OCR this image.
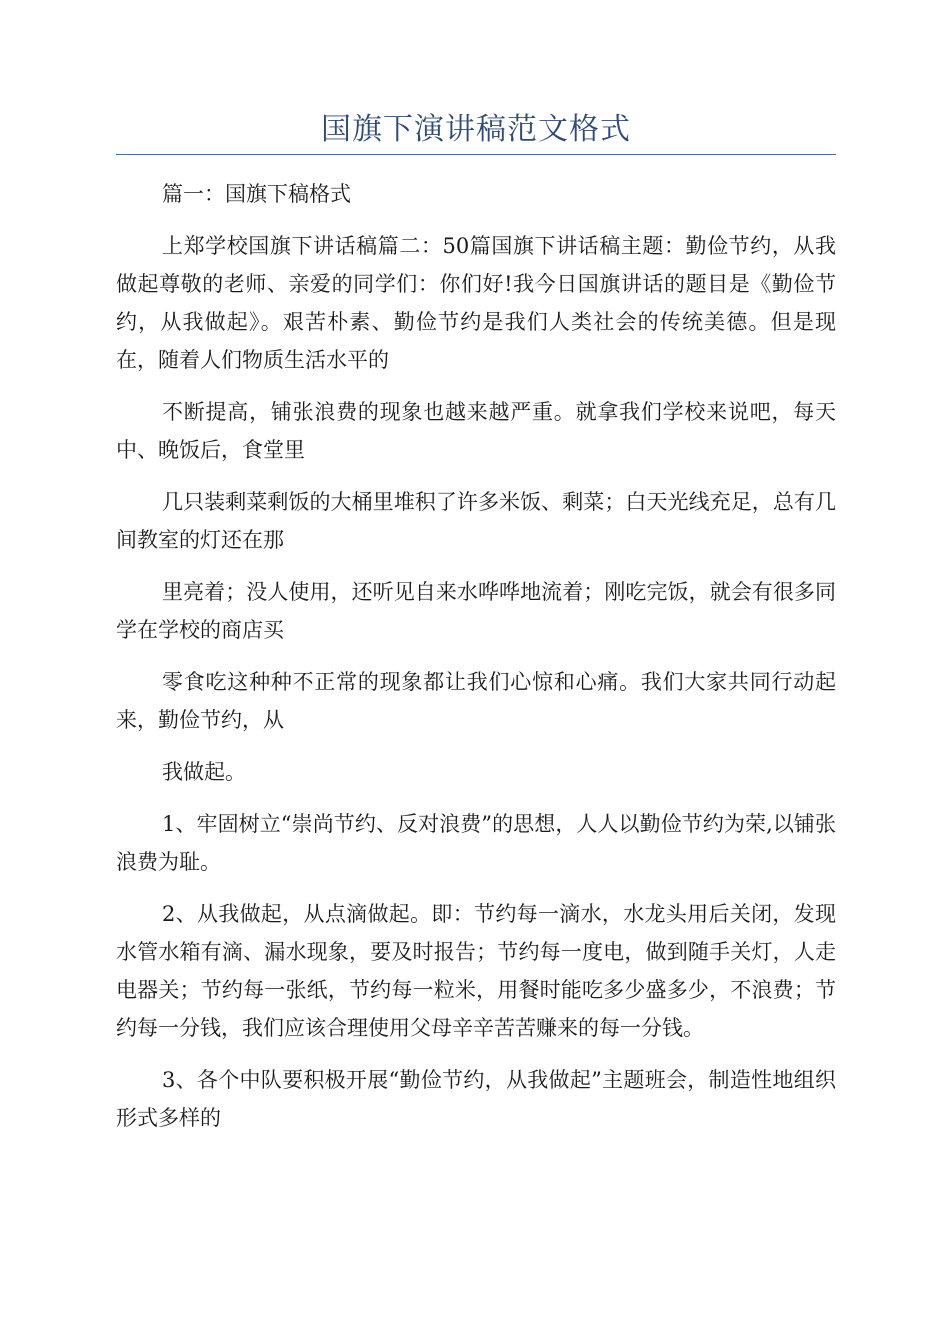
国旗下演讲稿范文格式

篇一：国旗下稿格式

上郑学校国旗下讲话稿篇二：50篇国旗下讲话稿主题：勤俭节约，从我做起尊敬的老师、亲爱的同学们：你们好!我今日国旗讲话的题目是《勤俭节约，从我做起》。艰苦朴素、勤俭节约是我们人类社会的传统美德。但是现在，随着人们物质生活水平的

不断提高，铺张浪费的现象也越来越严重。就拿我们学校来说吧，每天中、晚饭后，食堂里

几只装剩菜剩饭的大桶里堆积了许多米饭、剩菜；白天光线充足，总有几间教室的灯还在那

里亮着；没人使用，还听见自来水哗哗地流着；刚吃完饭，就会有很多同学在学校的商店买

零食吃这种种不正常的现象都让我们心惊和心痛。我们大家共同行动起来，勤俭节约，从

我做起。

1、牢固树立“崇尚节约、反对浪费”的思想，人人以勤俭节约为荣,以铺张浪费为耻。

2、从我做起，从点滴做起。即：节约每一滴水，水龙头用后关闭，发现水管水箱有滴、漏水现象，要及时报告；节约每一度电，做到随手关灯，人走电器关；节约每一张纸，节约每一粒米，用餐时能吃多少盛多少，不浪费；节约每一分钱，我们应该合理使用父母辛辛苦苦赚来的每一分钱。

3、各个中队要积极开展“勤俭节约，从我做起”主题班会，制造性地组织形式多样的
